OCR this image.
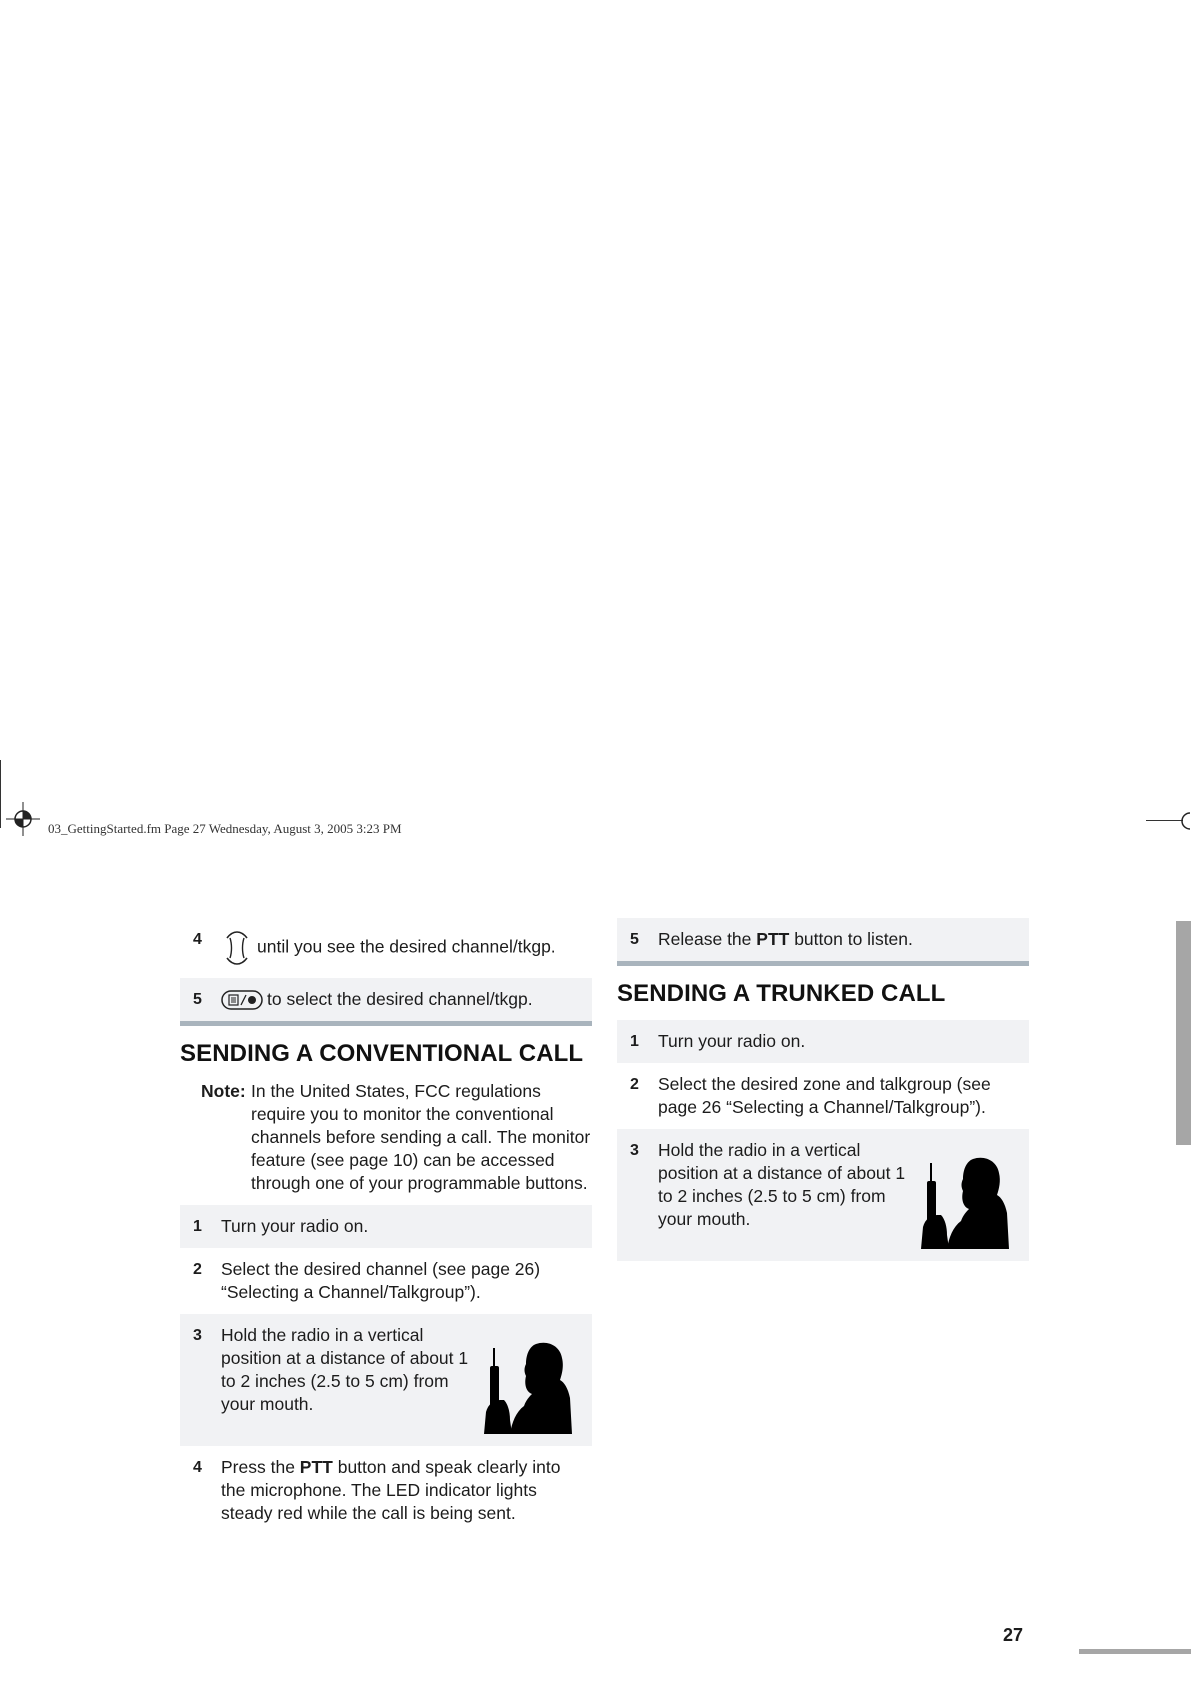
03_GettingStarted.fm Page 27 Wednesday, August 3, 2005 3:23 PM
4	until you see the desired channel/tkgp.
5	to select the desired channel/tkgp.
SENDING A CONVENTIONAL CALL
Note: In the United States, FCC regulations require you to monitor the conventional channels before sending a call. The monitor feature (see page 10) can be accessed through one of your programmable buttons.
1 Turn your radio on.
2 Select the desired channel (see page 26) “Selecting a Channel/Talkgroup”).
3 Hold the radio in a vertical position at a distance of about 1 to 2 inches (2.5 to 5 cm) from your mouth.
4 Press the PTT button and speak clearly into the microphone. The LED indicator lights steady red while the call is being sent.
5 Release the PTT button to listen.
SENDING A TRUNKED CALL
1 Turn your radio on.
2 Select the desired zone and talkgroup (see page 26 “Selecting a Channel/Talkgroup”).
3 Hold the radio in a vertical position at a distance of about 1 to 2 inches (2.5 to 5 cm) from your mouth.
27
